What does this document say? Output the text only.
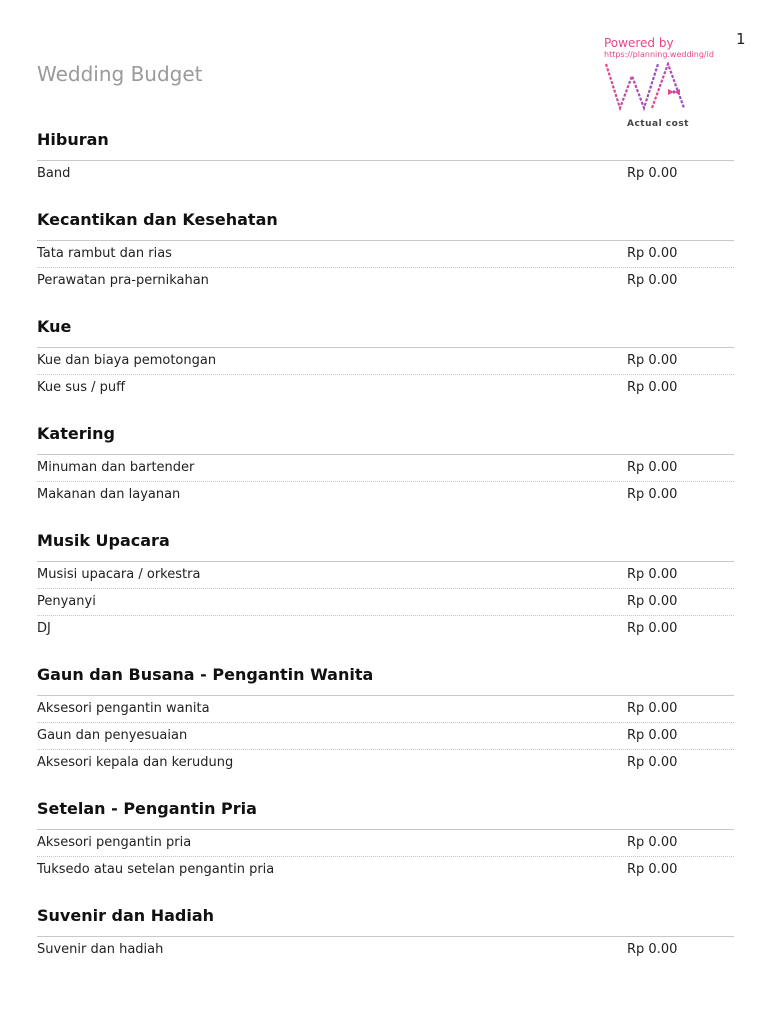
1
Wedding Budget
Powered by
https://planning.wedding/id
Actual cost
Hiburan
Band	Rp 0.00
Kecantikan dan Kesehatan
Tata rambut dan rias	Rp 0.00
Perawatan pra-pernikahan	Rp 0.00
Kue
Kue dan biaya pemotongan	Rp 0.00
Kue sus / puff	Rp 0.00
Katering
Minuman dan bartender	Rp 0.00
Makanan dan layanan	Rp 0.00
Musik Upacara
Musisi upacara / orkestra	Rp 0.00
Penyanyi	Rp 0.00
DJ	Rp 0.00
Gaun dan Busana - Pengantin Wanita
Aksesori pengantin wanita	Rp 0.00
Gaun dan penyesuaian	Rp 0.00
Aksesori kepala dan kerudung	Rp 0.00
Setelan - Pengantin Pria
Aksesori pengantin pria	Rp 0.00
Tuksedo atau setelan pengantin pria	Rp 0.00
Suvenir dan Hadiah
Suvenir dan hadiah	Rp 0.00
